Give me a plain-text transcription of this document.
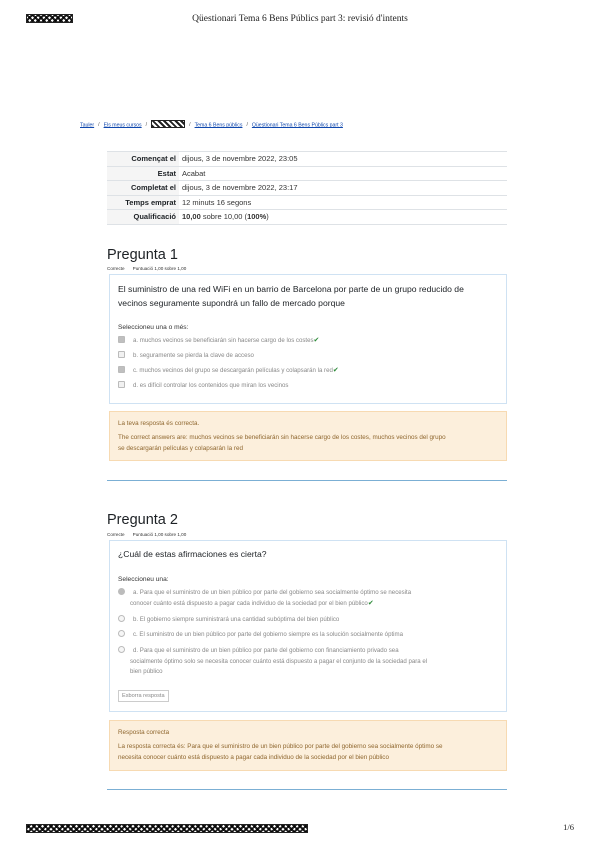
Qüestionari Tema 6 Bens Públics part 3: revisió d'intents
Tauler / Els meus cursos /	/ Tema 6 Bens públics / Qüestionari Tema 6 Bens Públics part 3
Començat el	dijous, 3 de novembre 2022, 23:05
Estat	Acabat
Completat el	dijous, 3 de novembre 2022, 23:17
Temps emprat	12 minuts 16 segons
Qualificació	10,00 sobre 10,00 (100%)
Pregunta 1
Correcte Puntuació 1,00 sobre 1,00
El suministro de una red WiFi en un barrio de Barcelona por parte de un grupo reducido de
vecinos seguramente supondrá un fallo de mercado porque
Seleccioneu una o més:
a. muchos vecinos se beneficiarán sin hacerse cargo de los costes✔
b. seguramente se pierda la clave de acceso
c. muchos vecinos del grupo se descargarán películas y colapsarán la red✔
d. es difícil controlar los contenidos que miran los vecinos
La teva resposta és correcta.
The correct answers are: muchos vecinos se beneficiarán sin hacerse cargo de los costes, muchos vecinos del grupo
se descargarán películas y colapsarán la red
Pregunta 2
Correcte Puntuació 1,00 sobre 1,00
¿Cuál de estas afirmaciones es cierta?
Seleccioneu una:
a. Para que el suministro de un bien público por parte del gobierno sea socialmente óptimo se necesita
conocer cuánto está dispuesto a pagar cada individuo de la sociedad por el bien público✔
b. El gobierno siempre suministrará una cantidad subóptima del bien público
c. El suministro de un bien público por parte del gobierno siempre es la solución socialmente óptima
d. Para que el suministro de un bien público por parte del gobierno con financiamiento privado sea
socialmente óptimo solo se necesita conocer cuánto está dispuesto a pagar el conjunto de la sociedad para el
bien público
Esborra resposta
Resposta correcta
La resposta correcta és: Para que el suministro de un bien público por parte del gobierno sea socialmente óptimo se
necesita conocer cuánto está dispuesto a pagar cada individuo de la sociedad por el bien público
1/6
